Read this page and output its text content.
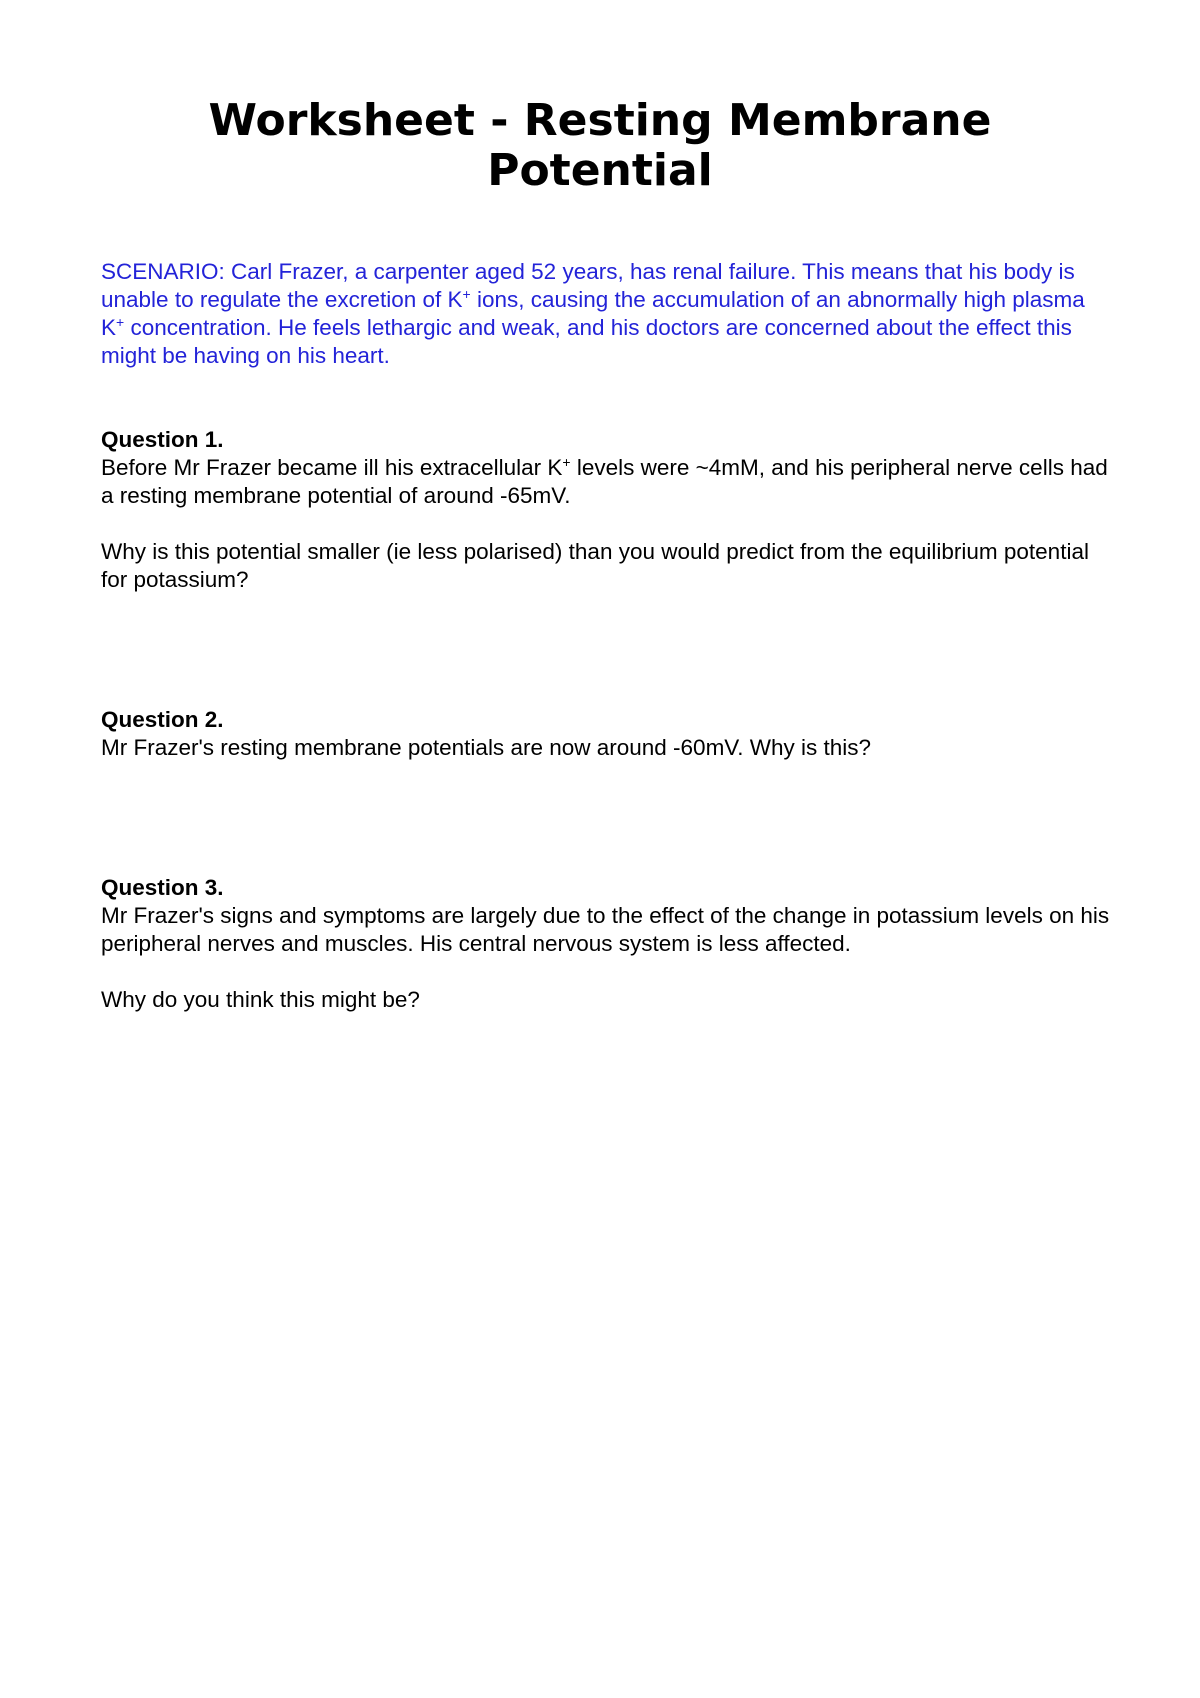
Worksheet - Resting Membrane
Potential

SCENARIO: Carl Frazer, a carpenter aged 52 years, has renal failure. This means that his body is unable to regulate the excretion of K+ ions, causing the accumulation of an abnormally high plasma K+ concentration. He feels lethargic and weak, and his doctors are concerned about the effect this might be having on his heart.

Question 1.
Before Mr Frazer became ill his extracellular K+ levels were ~4mM, and his peripheral nerve cells had a resting membrane potential of around -65mV.

Why is this potential smaller (ie less polarised) than you would predict from the equilibrium potential for potassium?

Question 2.
Mr Frazer's resting membrane potentials are now around -60mV. Why is this?

Question 3.
Mr Frazer's signs and symptoms are largely due to the effect of the change in potassium levels on his peripheral nerves and muscles. His central nervous system is less affected.

Why do you think this might be?
